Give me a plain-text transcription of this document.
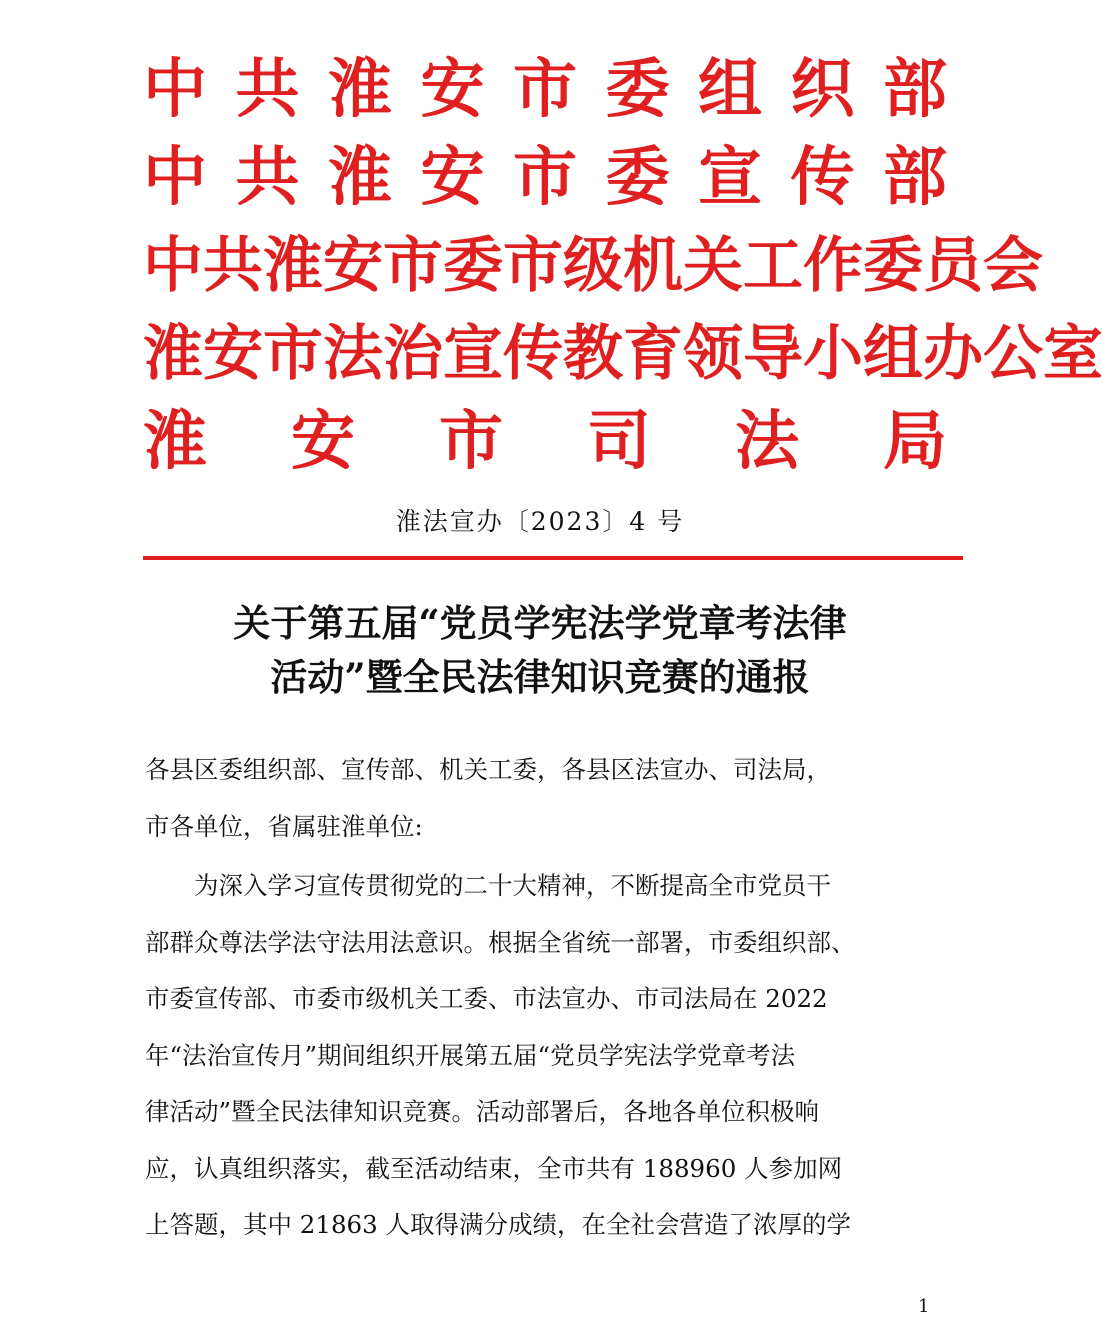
中 共 淮 安 市 委 组 织 部
中 共 淮 安 市 委 宣 传 部
中 共 淮 安 市 委 市 级 机 关 工 作 委 员 会
淮 安 市 法 治 宣 传 教 育 领 导 小 组 办 公 室
淮 安 市 司 法 局
淮法宣办〔2023〕4 号
关于第五届“党员学宪法学党章考法律
活动”暨全民法律知识竞赛的通报
各县区委组织部、宣传部、机关工委，各县区法宣办、司法局，
市各单位，省属驻淮单位:
　　为深入学习宣传贯彻党的二十大精神，不断提高全市党员干
部群众尊法学法守法用法意识。根据全省统一部署，市委组织部、
市委宣传部、市委市级机关工委、市法宣办、市司法局在 2022
年“法治宣传月”期间组织开展第五届“党员学宪法学党章考法
律活动”暨全民法律知识竞赛。活动部署后，各地各单位积极响
应，认真组织落实，截至活动结束，全市共有 188960 人参加网
上答题，其中 21863 人取得满分成绩，在全社会营造了浓厚的学
1
